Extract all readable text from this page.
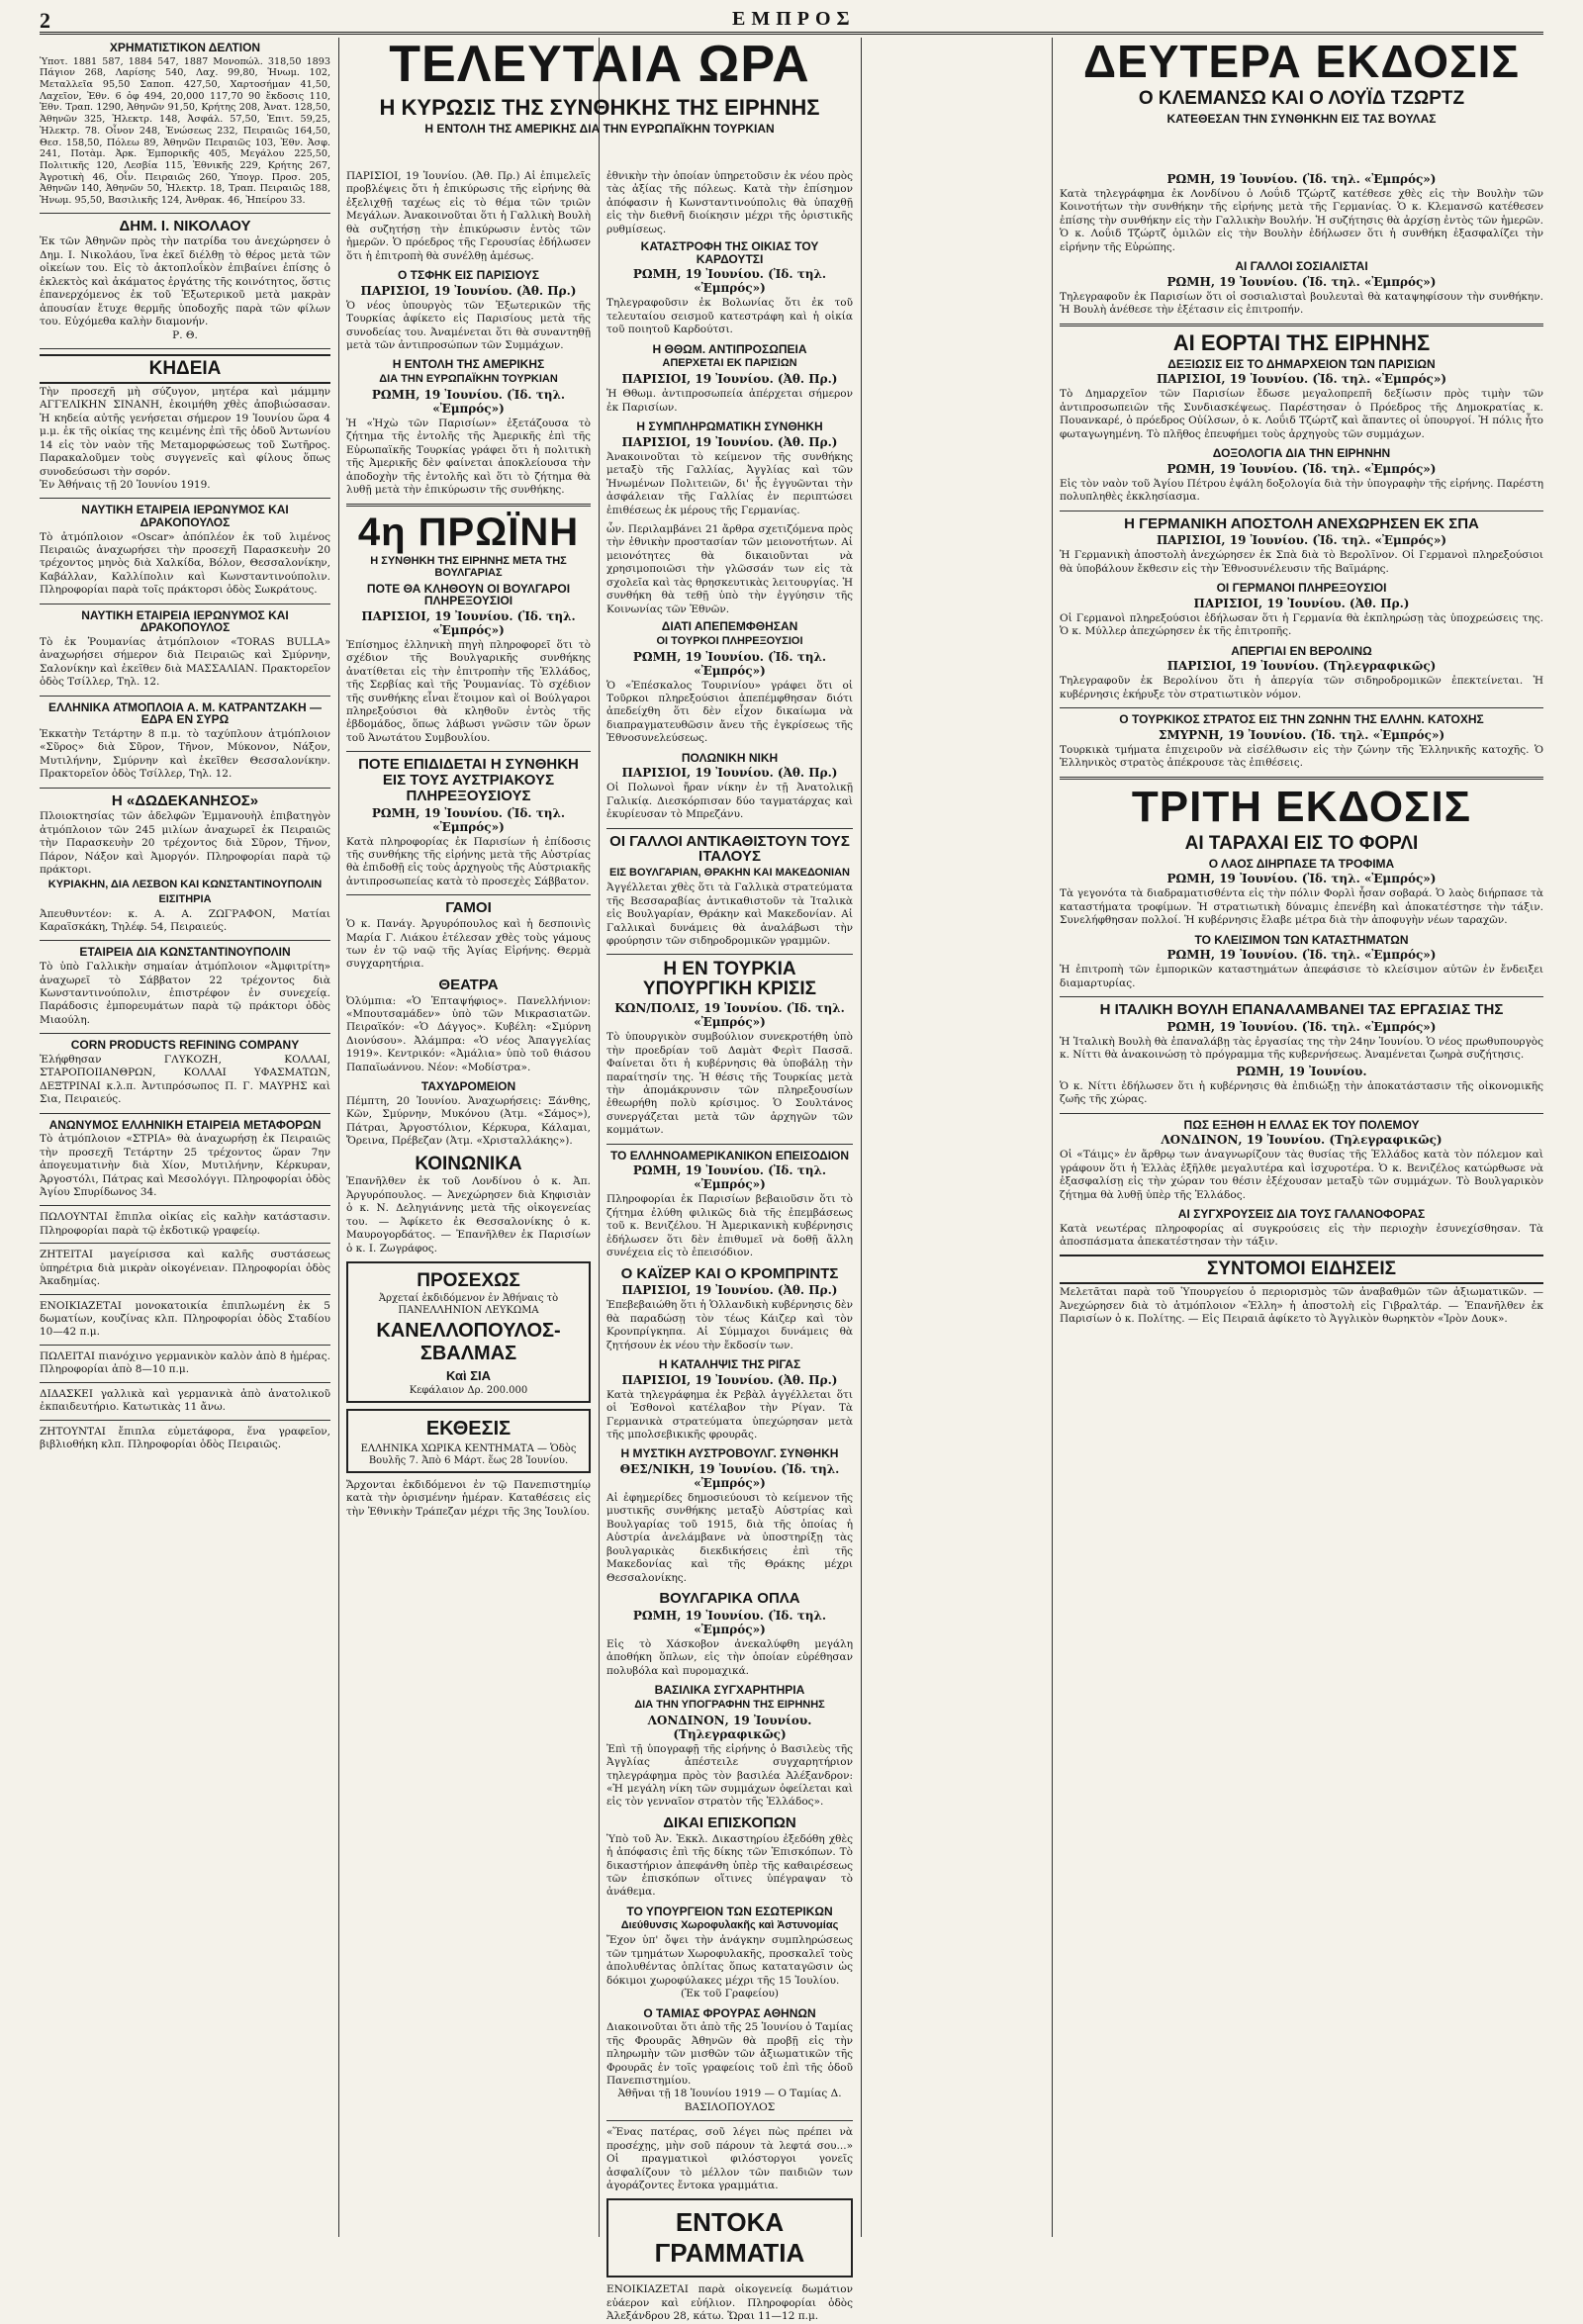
2	ΕΜΠΡΟΣ
ΧΡΗΜΑΤΙΣΤΙΚΟΝ ΔΕΛΤΙΟΝ

Ὑποτ. 1881 587, 1884 547, 1887 Μονοπώλ. 318,50 1893 Πάγιον 268, Λαρίσης 540, Λαχ. 99,80, Ἡνωμ. 102, Μεταλλεῖα 95,50 Σαποπ. 427,50, Χαρτοσήμαν 41,50, Λαχεῖον, Ἐθν. 6 ὀφ 494, 20,000 117,70 90 ἔκδοσις 110, Ἐθν. Τραπ. 1290, Ἀθηνῶν 91,50, Κρήτης 208, Ἀνατ. 128,50, Ἀθηνῶν 325, Ἠλεκτρ. 148, Ἀσφάλ. 57,50, Ἐπιτ. 59,25, Ἠλεκτρ. 78. Οἶνον 248, Ἑνώσεως 232, Πειραιῶς 164,50, Θεσ. 158,50, Πόλεω 89, Ἀθηνῶν Πειραιῶς 103, Ἐθν. Ἀσφ. 241, Ποτὰμ. Ἀρκ. Ἐμπορικῆς 405, Μεγάλου 225,50, Πολιτικῆς 120, Λεσβία 115, Ἐθνικῆς 229, Κρήτης 267, Ἀγροτικὴ 46, Οἶν. Πειραιῶς 260, Ὑπογρ. Προσ. 205, Ἀθηνῶν 140, Ἀθηνῶν 50, Ἠλεκτρ. 18, Τραπ. Πειραιῶς 188, Ἡνωμ. 95,50, Βασιλικῆς 124, Ἀνθρακ. 46, Ἠπείρου 33.

ΔΗΜ. Ι. ΝΙΚΟΛΑΟΥ

Ἐκ τῶν Ἀθηνῶν πρὸς τὴν πατρίδα του ἀνεχώρησεν ὁ Δημ. Ι. Νικολάου, ἵνα ἐκεῖ διέλθῃ τὸ θέρος μετὰ τῶν οἰκείων του. Εἰς τὸ ἀκτοπλοΐκὸν ἐπιβαίνει ἐπίσης ὁ ἐκλεκτὸς καὶ ἀκάματος ἐργάτης τῆς κοινότητος, ὅστις ἐπανερχόμενος ἐκ τοῦ Ἐξωτερικοῦ μετὰ μακρὰν ἀπουσίαν ἔτυχε θερμῆς ὑποδοχῆς παρὰ τῶν φίλων του. Εὐχόμεθα καλὴν διαμονήν.

Ρ. Θ.
ΚΗΔΕΙΑ

Τὴν προσεχῆ μὴ σύζυγον, μητέρα καὶ μάμμην ΑΓΓΕΛΙΚΗΝ ΣΙΝΑΝΗ, ἐκοιμήθη χθὲς ἀποβιώσασαν. Ἡ κηδεία αὐτῆς γενήσεται σήμερον 19 Ἰουνίου ὥρα 4 μ.μ. ἐκ τῆς οἰκίας της κειμένης ἐπὶ τῆς ὁδοῦ Ἀντωνίου 14 εἰς τὸν ναὸν τῆς Μεταμορφώσεως τοῦ Σωτῆρος. Παρακαλοῦμεν τοὺς συγγενεῖς καὶ φίλους ὅπως συνοδεύσωσι τὴν σορόν.

Ἐν Ἀθήναις τῇ 20 Ἰουνίου 1919.

ΝΑΥΤΙΚΗ ΕΤΑΙΡΕΙΑ ΙΕΡΩΝΥΜΟΣ ΚΑΙ ΔΡΑΚΟΠΟΥΛΟΣ

Τὸ ἀτμόπλοιον «Oscar» ἀπόπλέον ἐκ τοῦ λιμένος Πειραιῶς ἀναχωρήσει τὴν προσεχῆ Παρασκευὴν 20 τρέχοντος μηνὸς διὰ Χαλκίδα, Βόλον, Θεσσαλονίκην, Καβάλλαν, Καλλίπολιν καὶ Κωνσταντινούπολιν. Πληροφορίαι παρὰ τοῖς πράκτορσι ὁδὸς Σωκράτους.

ΝΑΥΤΙΚΗ ΕΤΑΙΡΕΙΑ ΙΕΡΩΝΥΜΟΣ ΚΑΙ ΔΡΑΚΟΠΟΥΛΟΣ

Τὸ ἐκ Ῥουμανίας ἀτμόπλοιον «TORAS BULLA» ἀναχωρήσει σήμερον διὰ Πειραιῶς καὶ Σμύρνην, Σαλονίκην καὶ ἐκεῖθεν διὰ ΜΑΣΣΑΛΙΑΝ. Πρακτορεῖον ὁδὸς Τσίλλερ, Τηλ. 12.

ΕΛΛΗΝΙΚΑ ΑΤΜΟΠΛΟΙΑ Α. Μ. ΚΑΤΡΑΝΤΖΑΚΗ — ΕΔΡΑ ΕΝ ΣΥΡΩ

Ἐκκατὴν Τετάρτην 8 π.μ. τὸ ταχύπλουν ἀτμόπλοιον «Σῦρος» διὰ Σῦρον, Τῆνον, Μύκονον, Νάξον, Μυτιλήνην, Σμύρνην καὶ ἐκεῖθεν Θεσσαλονίκην. Πρακτορεῖον ὁδὸς Τσίλλερ, Τηλ. 12.

Η «ΔΩΔΕΚΑΝΗΣΟΣ»

Πλοιοκτησίας τῶν ἀδελφῶν Ἐμμανουὴλ ἐπιβατηγὸν ἀτμόπλοιον τῶν 245 μιλίων ἀναχωρεῖ ἐκ Πειραιῶς τὴν Παρασκευὴν 20 τρέχοντος διὰ Σῦρον, Τῆνον, Πάρον, Νάξον καὶ Ἀμοργόν. Πληροφορίαι παρὰ τῷ πράκτορι.

ΚΥΡΙΑΚΗΝ, ΔΙΑ ΛΕΣΒΟΝ ΚΑΙ ΚΩΝΣΤΑΝΤΙΝΟΥΠΟΛΙΝ
ΕΙΣΙΤΗΡΙΑ

Ἀπευθυντέον: κ. Α. Α. ΖΩΓΡΑΦΟΝ, Ματίαι Καραϊσκάκη, Τηλέφ. 54, Πειραιεύς.

ΕΤΑΙΡΕΙΑ ΔΙΑ ΚΩΝΣΤΑΝΤΙΝΟΥΠΟΛΙΝ

Τὸ ὑπὸ Γαλλικὴν σημαίαν ἀτμόπλοιον «Ἀμφιτρίτη» ἀναχωρεῖ τὸ Σάββατον 22 τρέχοντος διὰ Κωνσταντινούπολιν, ἐπιστρέφον ἐν συνεχείᾳ. Παράδοσις ἐμπορευμάτων παρὰ τῷ πράκτορι ὁδὸς Μιαούλη.

CORN PRODUCTS REFINING COMPANY

Ἐλήφθησαν ΓΛΥΚΟΖΗ, ΚΟΛΛΑΙ, ΣΤΑΡΟΠΟΙΙΑΝΘΡΩΝ, ΚΟΛΛΑΙ ΥΦΑΣΜΑΤΩΝ, ΔΕΞΤΡΙΝΑΙ κ.λ.π. Ἀντιπρόσωπος Π. Γ. ΜΑΥΡΗΣ καὶ Σια, Πειραιεύς.

ΑΝΩΝΥΜΟΣ ΕΛΛΗΝΙΚΗ ΕΤΑΙΡΕΙΑ ΜΕΤΑΦΟΡΩΝ

Τὸ ἀτμόπλοιον «ΣΤΡΙΑ» θὰ ἀναχωρήσῃ ἐκ Πειραιῶς τὴν προσεχῆ Τετάρτην 25 τρέχοντος ὥραν 7ην ἀπογευματινὴν διὰ Χίον, Μυτιλήνην, Κέρκυραν, Ἀργοστόλι, Πάτρας καὶ Μεσολόγγι. Πληροφορίαι ὁδὸς Ἀγίου Σπυρίδωνος 34.

ΠΩΛΟΥΝΤΑΙ ἔπιπλα οἰκίας εἰς καλὴν κατάστασιν. Πληροφορίαι παρὰ τῷ ἐκδοτικῷ γραφείῳ.

ΖΗΤΕΙΤΑΙ μαγείρισσα καὶ καλῆς συστάσεως ὑπηρέτρια διὰ μικρὰν οἰκογένειαν. Πληροφορίαι ὁδὸς Ἀκαδημίας.

ΕΝΟΙΚΙΑΖΕΤΑΙ μονοκατοικία ἐπιπλωμένη ἐκ 5 δωματίων, κουζίνας κλπ. Πληροφορίαι ὁδὸς Σταδίου 10—42 π.μ.

ΠΩΛΕΙΤΑΙ πιανόχινο γερμανικὸν καλὸν ἀπὸ 8 ἡμέρας. Πληροφορίαι ἀπὸ 8—10 π.μ.

ΔΙΔΑΣΚΕΙ γαλλικὰ καὶ γερμανικὰ ἀπὸ ἀνατολικοῦ ἐκπαιδευτήριο. Κατωτικὰς 11 ἄνω.

ΖΗΤΟΥΝΤΑΙ ἔπιπλα εὐμετάφορα, ἕνα γραφεῖον, βιβλιοθήκη κλπ. Πληροφορίαι ὁδὸς Πειραιῶς.

ΤΕΛΕΥΤΑΙΑ ΩΡΑ
Η ΚΥΡΩΣΙΣ ΤΗΣ ΣΥΝΘΗΚΗΣ ΤΗΣ ΕΙΡΗΝΗΣ
Η ΕΝΤΟΛΗ ΤΗΣ ΑΜΕΡΙΚΗΣ ΔΙΑ ΤΗΝ ΕΥΡΩΠΑΪΚΗΝ ΤΟΥΡΚΙΑΝ
ΔΕΥΤΕΡΑ ΕΚΔΟΣΙΣ
Ο ΚΛΕΜΑΝΣΩ ΚΑΙ Ο ΛΟΥΪΔ ΤΖΩΡΤΖ
ΚΑΤΕΘΕΣΑΝ ΤΗΝ ΣΥΝΘΗΚΗΝ ΕΙΣ ΤΑΣ ΒΟΥΛΑΣ

ΠΑΡΙΣΙΟΙ, 19 Ἰουνίου. (Ἀθ. Πρ.) Αἱ ἐπιμελεῖς προβλέψεις ὅτι ἡ ἐπικύρωσις τῆς εἰρήνης θὰ ἐξελιχθῇ ταχέως εἰς τὸ θέμα τῶν τριῶν Μεγάλων. Ἀνακοινοῦται ὅτι ἡ Γαλλικὴ Βουλὴ θὰ συζητήσῃ τὴν ἐπικύρωσιν ἐντὸς τῶν ἡμερῶν. Ὁ πρόεδρος τῆς Γερουσίας ἐδήλωσεν ὅτι ἡ ἐπιτροπὴ θὰ συνέλθῃ ἀμέσως.

Ο ΤΣΦΗΚ ΕΙΣ ΠΑΡΙΣΙΟΥΣ
ΠΑΡΙΣΙΟΙ, 19 Ἰουνίου. (Ἀθ. Πρ.)

Ὁ νέος ὑπουργὸς τῶν Ἐξωτερικῶν τῆς Τουρκίας ἀφίκετο εἰς Παρισίους μετὰ τῆς συνοδείας του. Ἀναμένεται ὅτι θὰ συναντηθῇ μετὰ τῶν ἀντιπροσώπων τῶν Συμμάχων.

Η ΕΝΤΟΛΗ ΤΗΣ ΑΜΕΡΙΚΗΣ
ΔΙΑ ΤΗΝ ΕΥΡΩΠΑΪΚΗΝ ΤΟΥΡΚΙΑΝ
ΡΩΜΗ, 19 Ἰουνίου. (Ἰδ. τηλ. «Ἐμπρός»)

Ἡ «Ἠχὼ τῶν Παρισίων» ἐξετάζουσα τὸ ζήτημα τῆς ἐντολῆς τῆς Ἀμερικῆς ἐπὶ τῆς Εὐρωπαϊκῆς Τουρκίας γράφει ὅτι ἡ πολιτικὴ τῆς Ἀμερικῆς δὲν φαίνεται ἀποκλείουσα τὴν ἀποδοχὴν τῆς ἐντολῆς καὶ ὅτι τὸ ζήτημα θὰ λυθῇ μετὰ τὴν ἐπικύρωσιν τῆς συνθήκης.

4η ΠΡΩΪΝΗ
Η ΣΥΝΘΗΚΗ ΤΗΣ ΕΙΡΗΝΗΣ ΜΕΤΑ ΤΗΣ ΒΟΥΛΓΑΡΙΑΣ
ΠΟΤΕ ΘΑ ΚΛΗΘΟΥΝ ΟΙ ΒΟΥΛΓΑΡΟΙ ΠΛΗΡΕΞΟΥΣΙΟΙ
ΠΑΡΙΣΙΟΙ, 19 Ἰουνίου. (Ἰδ. τηλ. «Ἐμπρός»)

Ἐπίσημος ἑλληνικὴ πηγὴ πληροφορεῖ ὅτι τὸ σχέδιον τῆς Βουλγαρικῆς συνθήκης ἀνατίθεται εἰς τὴν ἐπιτροπὴν τῆς Ἑλλάδος, τῆς Σερβίας καὶ τῆς Ῥουμανίας. Τὸ σχέδιον τῆς συνθήκης εἶναι ἕτοιμον καὶ οἱ Βούλγαροι πληρεξούσιοι θὰ κληθοῦν ἐντὸς τῆς ἑβδομάδος, ὅπως λάβωσι γνῶσιν τῶν ὅρων τοῦ Ἀνωτάτου Συμβουλίου.

ΠΟΤΕ ΕΠΙΔΙΔΕΤΑΙ Η ΣΥΝΘΗΚΗ ΕΙΣ ΤΟΥΣ ΑΥΣΤΡΙΑΚΟΥΣ ΠΛΗΡΕΞΟΥΣΙΟΥΣ
ΡΩΜΗ, 19 Ἰουνίου. (Ἰδ. τηλ. «Ἐμπρός»)

Κατὰ πληροφορίας ἐκ Παρισίων ἡ ἐπίδοσις τῆς συνθήκης τῆς εἰρήνης μετὰ τῆς Αὐστρίας θὰ ἐπιδοθῇ εἰς τοὺς ἀρχηγοὺς τῆς Αὐστριακῆς ἀντιπροσωπείας κατὰ τὸ προσεχὲς Σάββατον.

ΓΑΜΟΙ

Ὁ κ. Πανάγ. Ἀργυρόπουλος καὶ ἡ δεσποινὶς Μαρία Γ. Λιάκου ἐτέλεσαν χθὲς τοὺς γάμους των ἐν τῷ ναῷ τῆς Ἁγίας Εἰρήνης. Θερμὰ συγχαρητήρια.

ΘΕΑΤΡΑ

Ὀλύμπια: «Ὁ Ἑπταψήφιος». Πανελλήνιον: «Μπουτσαμάδεν» ὑπὸ τῶν Μικρασιατῶν. Πειραϊκόν: «Ὁ Δάγγος». Κυβέλη: «Σμύρνη Διονύσου». Ἀλάμπρα: «Ὁ νέος Ἀπαγγελίας 1919». Κεντρικόν: «Ἀμάλια» ὑπὸ τοῦ θιάσου Παπαϊωάννου. Νέον: «Μοδίστρα».

ΤΑΧΥΔΡΟΜΕΙΟΝ

Πέμπτη, 20 Ἰουνίου. Ἀναχωρήσεις: Ξάνθης, Κῶν, Σμύρνην, Μυκόνου (Ἀτμ. «Σάμος»), Πάτραι, Ἀργοστόλιον, Κέρκυρα, Κάλαμαι, Ὄρεινα, Πρέβεζαν (Ἀτμ. «Χρισταλλάκης»).

ΚΟΙΝΩΝΙΚΑ

Ἐπανῆλθεν ἐκ τοῦ Λονδίνου ὁ κ. Ἀπ. Ἀργυρόπουλος. — Ἀνεχώρησεν διὰ Κηφισιὰν ὁ κ. Ν. Δεληγιάννης μετὰ τῆς οἰκογενείας του. — Ἀφίκετο ἐκ Θεσσαλονίκης ὁ κ. Μαυρογορδάτος. — Ἐπανῆλθεν ἐκ Παρισίων ὁ κ. Ι. Ζωγράφος.

ΠΡΟΣΕΧΩΣ
Ἀρχεταί ἐκδιδόμενον ἐν Ἀθήναις τὸ ΠΑΝΕΛΛΗΝΙΟΝ ΛΕΥΚΩΜΑ
ΚΑΝΕΛΛΟΠΟΥΛΟΣ-ΣΒΑΛΜΑΣ
Καὶ ΣΙΑ
Κεφάλαιον Δρ. 200.000
ΕΚΘΕΣΙΣ
ΕΛΛΗΝΙΚΑ ΧΩΡΙΚΑ ΚΕΝΤΗΜΑΤΑ — Ὁδὸς Βουλῆς 7. Ἀπὸ 6 Μάρτ. ἕως 28 Ἰουνίου.

Ἄρχονται ἐκδιδόμενοι ἐν τῷ Πανεπιστημίῳ κατὰ τὴν ὁρισμένην ἡμέραν. Καταθέσεις εἰς τὴν Ἐθνικὴν Τράπεζαν μέχρι τῆς 3ης Ἰουλίου.

ἐθνικὴν τὴν ὁποίαν ὑπηρετοῦσιν ἐκ νέου πρὸς τὰς ἀξίας τῆς πόλεως. Κατὰ τὴν ἐπίσημον ἀπόφασιν ἡ Κωνσταντινούπολις θὰ ὑπαχθῇ εἰς τὴν διεθνῆ διοίκησιν μέχρι τῆς ὁριστικῆς ρυθμίσεως.

ΚΑΤΑΣΤΡΟΦΗ ΤΗΣ ΟΙΚΙΑΣ ΤΟΥ ΚΑΡΔΟΥΤΣΙ
ΡΩΜΗ, 19 Ἰουνίου. (Ἰδ. τηλ. «Ἐμπρός»)

Τηλεγραφοῦσιν ἐκ Βολωνίας ὅτι ἐκ τοῦ τελευταίου σεισμοῦ κατεστράφη καὶ ἡ οἰκία τοῦ ποιητοῦ Καρδούτσι.

Η ΘΘΩΜ. ΑΝΤΙΠΡΟΣΩΠΕΙΑ
ΑΠΕΡΧΕΤΑΙ ΕΚ ΠΑΡΙΣΙΩΝ
ΠΑΡΙΣΙΟΙ, 19 Ἰουνίου. (Ἀθ. Πρ.)

Ἡ Θθωμ. ἀντιπροσωπεία ἀπέρχεται σήμερον ἐκ Παρισίων.

Η ΣΥΜΠΛΗΡΩΜΑΤΙΚΗ ΣΥΝΘΗΚΗ
ΠΑΡΙΣΙΟΙ, 19 Ἰουνίου. (Ἀθ. Πρ.)

Ἀνακοινοῦται τὸ κείμενον τῆς συνθήκης μεταξὺ τῆς Γαλλίας, Ἀγγλίας καὶ τῶν Ἡνωμένων Πολιτειῶν, δι' ἧς ἐγγυῶνται τὴν ἀσφάλειαν τῆς Γαλλίας ἐν περιπτώσει ἐπιθέσεως ἐκ μέρους τῆς Γερμανίας.

ὧν. Περιλαμβάνει 21 ἄρθρα σχετιζόμενα πρὸς τὴν ἐθνικὴν προστασίαν τῶν μειονοτήτων. Αἱ μειονότητες θὰ δικαιοῦνται νὰ χρησιμοποιῶσι τὴν γλῶσσάν των εἰς τὰ σχολεῖα καὶ τὰς θρησκευτικὰς λειτουργίας. Ἡ συνθήκη θὰ τεθῇ ὑπὸ τὴν ἐγγύησιν τῆς Κοινωνίας τῶν Ἐθνῶν.

ΔΙΑΤΙ ΑΠΕΠΕΜΦΘΗΣΑΝ
ΟΙ ΤΟΥΡΚΟΙ ΠΛΗΡΕΞΟΥΣΙΟΙ
ΡΩΜΗ, 19 Ἰουνίου. (Ἰδ. τηλ. «Ἐμπρός»)

Ὁ «Ἐπέσκαλος Τουρινίου» γράφει ὅτι οἱ Τοῦρκοι πληρεξούσιοι ἀπεπέμφθησαν διότι ἀπεδείχθη ὅτι δὲν εἶχον δικαίωμα νὰ διαπραγματευθῶσιν ἄνευ τῆς ἐγκρίσεως τῆς Ἐθνοσυνελεύσεως.

ΠΟΛΩΝΙΚΗ ΝΙΚΗ
ΠΑΡΙΣΙΟΙ, 19 Ἰουνίου. (Ἀθ. Πρ.)

Οἱ Πολωνοὶ ἤραν νίκην ἐν τῇ Ἀνατολικῇ Γαλικίᾳ. Διεσκόρπισαν δύο ταγματάρχας καὶ ἐκυρίευσαν τὸ Μπρεζάνυ.

ΟΙ ΓΑΛΛΟΙ ΑΝΤΙΚΑΘΙΣΤΟΥΝ ΤΟΥΣ ΙΤΑΛΟΥΣ
ΕΙΣ ΒΟΥΛΓΑΡΙΑΝ, ΘΡΑΚΗΝ ΚΑΙ ΜΑΚΕΔΟΝΙΑΝ

Ἀγγέλλεται χθὲς ὅτι τὰ Γαλλικὰ στρατεύματα τῆς Βεσσαραβίας ἀντικαθιστοῦν τὰ Ἰταλικὰ εἰς Βουλγαρίαν, Θράκην καὶ Μακεδονίαν. Αἱ Γαλλικαὶ δυνάμεις θὰ ἀναλάβωσι τὴν φρούρησιν τῶν σιδηροδρομικῶν γραμμῶν.

Η ΕΝ ΤΟΥΡΚΙΑ ΥΠΟΥΡΓΙΚΗ ΚΡΙΣΙΣ
ΚΩΝ/ΠΟΛΙΣ, 19 Ἰουνίου. (Ἰδ. τηλ. «Ἐμπρός»)

Τὸ ὑπουργικὸν συμβούλιον συνεκροτήθη ὑπὸ τὴν προεδρίαν τοῦ Δαμὰτ Φερὶτ Πασσᾶ. Φαίνεται ὅτι ἡ κυβέρνησις θὰ ὑποβάλῃ τὴν παραίτησίν της. Ἡ θέσις τῆς Τουρκίας μετὰ τὴν ἀπομάκρυνσιν τῶν πληρεξουσίων ἐθεωρήθη πολὺ κρίσιμος. Ὁ Σουλτάνος συνεργάζεται μετὰ τῶν ἀρχηγῶν τῶν κομμάτων.

ΤΟ ΕΛΛΗΝΟΑΜΕΡΙΚΑΝΙΚΟΝ ΕΠΕΙΣΟΔΙΟΝ
ΡΩΜΗ, 19 Ἰουνίου. (Ἰδ. τηλ. «Ἐμπρός»)

Πληροφορίαι ἐκ Παρισίων βεβαιοῦσιν ὅτι τὸ ζήτημα ἐλύθη φιλικῶς διὰ τῆς ἐπεμβάσεως τοῦ κ. Βενιζέλου. Ἡ Ἀμερικανικὴ κυβέρνησις ἐδήλωσεν ὅτι δὲν ἐπιθυμεῖ νὰ δοθῇ ἄλλη συνέχεια εἰς τὸ ἐπεισόδιον.

Ο ΚΑΪΖΕΡ ΚΑΙ Ο ΚΡΟΜΠΡΙΝΤΣ
ΠΑΡΙΣΙΟΙ, 19 Ἰουνίου. (Ἀθ. Πρ.)

Ἐπεβεβαιώθη ὅτι ἡ Ὁλλανδικὴ κυβέρνησις δὲν θὰ παραδώσῃ τὸν τέως Κάιζερ καὶ τὸν Κρονπρίγκηπα. Αἱ Σύμμαχοι δυνάμεις θὰ ζητήσουν ἐκ νέου τὴν ἔκδοσίν των.

Η ΚΑΤΑΛΗΨΙΣ ΤΗΣ ΡΙΓΑΣ
ΠΑΡΙΣΙΟΙ, 19 Ἰουνίου. (Ἀθ. Πρ.)

Κατὰ τηλεγράφημα ἐκ Ρεβὰλ ἀγγέλλεται ὅτι οἱ Ἐσθονοὶ κατέλαβον τὴν Ρίγαν. Τὰ Γερμανικὰ στρατεύματα ὑπεχώρησαν μετὰ τῆς μπολσεβικικῆς φρουρᾶς.

Η ΜΥΣΤΙΚΗ ΑΥΣΤΡΟΒΟΥΛΓ. ΣΥΝΘΗΚΗ
ΘΕΣ/ΝΙΚΗ, 19 Ἰουνίου. (Ἰδ. τηλ. «Ἐμπρός»)

Αἱ ἐφημερίδες δημοσιεύουσι τὸ κείμενον τῆς μυστικῆς συνθήκης μεταξὺ Αὐστρίας καὶ Βουλγαρίας τοῦ 1915, διὰ τῆς ὁποίας ἡ Αὐστρία ἀνελάμβανε νὰ ὑποστηρίξῃ τὰς βουλγαρικὰς διεκδικήσεις ἐπὶ τῆς Μακεδονίας καὶ τῆς Θράκης μέχρι Θεσσαλονίκης.

ΒΟΥΛΓΑΡΙΚΑ ΟΠΛΑ
ΡΩΜΗ, 19 Ἰουνίου. (Ἰδ. τηλ. «Ἐμπρός»)

Εἰς τὸ Χάσκοβον ἀνεκαλύφθη μεγάλη ἀποθήκη ὅπλων, εἰς τὴν ὁποίαν εὑρέθησαν πολυβόλα καὶ πυρομαχικά.

ΒΑΣΙΛΙΚΑ ΣΥΓΧΑΡΗΤΗΡΙΑ
ΔΙΑ ΤΗΝ ΥΠΟΓΡΑΦΗΝ ΤΗΣ ΕΙΡΗΝΗΣ
ΛΟΝΔΙΝΟΝ, 19 Ἰουνίου. (Τηλεγραφικῶς)

Ἐπὶ τῇ ὑπογραφῇ τῆς εἰρήνης ὁ Βασιλεὺς τῆς Ἀγγλίας ἀπέστειλε συγχαρητήριον τηλεγράφημα πρὸς τὸν βασιλέα Ἀλέξανδρον: «Ἡ μεγάλη νίκη τῶν συμμάχων ὀφείλεται καὶ εἰς τὸν γενναῖον στρατὸν τῆς Ἑλλάδος».

ΔΙΚΑΙ ΕΠΙΣΚΟΠΩΝ

Ὑπὸ τοῦ Ἀν. Ἐκκλ. Δικαστηρίου ἐξεδόθη χθὲς ἡ ἀπόφασις ἐπὶ τῆς δίκης τῶν Ἐπισκόπων. Τὸ δικαστήριον ἀπεφάνθη ὑπὲρ τῆς καθαιρέσεως τῶν ἐπισκόπων οἵτινες ὑπέγραψαν τὸ ἀνάθεμα.

ΤΟ ΥΠΟΥΡΓΕΙΟΝ ΤΩΝ ΕΣΩΤΕΡΙΚΩΝ
Διεύθυνσις Χωροφυλακῆς καὶ Ἀστυνομίας

Ἔχον ὑπ' ὄψει τὴν ἀνάγκην συμπληρώσεως τῶν τμημάτων Χωροφυλακῆς, προσκαλεῖ τοὺς ἀπολυθέντας ὁπλίτας ὅπως καταταγῶσιν ὡς δόκιμοι χωροφύλακες μέχρι τῆς 15 Ἰουλίου.

(Ἐκ τοῦ Γραφείου)
Ο ΤΑΜΙΑΣ ΦΡΟΥΡΑΣ ΑΘΗΝΩΝ

Διακοινοῦται ὅτι ἀπὸ τῆς 25 Ἰουνίου ὁ Ταμίας τῆς Φρουρᾶς Ἀθηνῶν θὰ προβῇ εἰς τὴν πληρωμὴν τῶν μισθῶν τῶν ἀξιωματικῶν τῆς Φρουρᾶς ἐν τοῖς γραφείοις τοῦ ἐπὶ τῆς ὁδοῦ Πανεπιστημίου.

Ἀθῆναι τῇ 18 Ἰουνίου 1919 — Ο Ταμίας Δ. ΒΑΣΙΛΟΠΟΥΛΟΣ

«Ἕνας πατέρας, σοῦ λέγει πὼς πρέπει νὰ προσέχῃς, μὴν σοῦ πάρουν τὰ λεφτά σου...» Οἱ πραγματικοὶ φιλόστοργοι γονεῖς ἀσφαλίζουν τὸ μέλλον τῶν παιδιῶν των ἀγοράζοντες ἔντοκα γραμμάτια.

ΕΝΤΟΚΑ ΓΡΑΜΜΑΤΙΑ

ΕΝΟΙΚΙΑΖΕΤΑΙ παρὰ οἰκογενείᾳ δωμάτιον εὐάερον καὶ εὐήλιον. Πληροφορίαι ὁδὸς Ἀλεξάνδρου 28, κάτω. Ὥραι 11—12 π.μ.

ΡΩΜΗ, 19 Ἰουνίου. (Ἰδ. τηλ. «Ἐμπρός»)

Κατὰ τηλεγράφημα ἐκ Λονδίνου ὁ Λοΰιδ Τζώρτζ κατέθεσε χθὲς εἰς τὴν Βουλὴν τῶν Κοινοτήτων τὴν συνθήκην τῆς εἰρήνης μετὰ τῆς Γερμανίας. Ὁ κ. Κλεμανσῶ κατέθεσεν ἐπίσης τὴν συνθήκην εἰς τὴν Γαλλικὴν Βουλήν. Ἡ συζήτησις θὰ ἀρχίσῃ ἐντὸς τῶν ἡμερῶν. Ὁ κ. Λοΰιδ Τζώρτζ ὁμιλῶν εἰς τὴν Βουλὴν ἐδήλωσεν ὅτι ἡ συνθήκη ἐξασφαλίζει τὴν εἰρήνην τῆς Εὐρώπης.

ΑΙ ΓΑΛΛΟΙ ΣΟΣΙΑΛΙΣΤΑΙ
ΡΩΜΗ, 19 Ἰουνίου. (Ἰδ. τηλ. «Ἐμπρός»)

Τηλεγραφοῦν ἐκ Παρισίων ὅτι οἱ σοσιαλισταὶ βουλευταὶ θὰ καταψηφίσουν τὴν συνθήκην. Ἡ Βουλὴ ἀνέθεσε τὴν ἐξέτασιν εἰς ἐπιτροπήν.

ΑΙ ΕΟΡΤΑΙ ΤΗΣ ΕΙΡΗΝΗΣ
ΔΕΞΙΩΣΙΣ ΕΙΣ ΤΟ ΔΗΜΑΡΧΕΙΟΝ ΤΩΝ ΠΑΡΙΣΙΩΝ
ΠΑΡΙΣΙΟΙ, 19 Ἰουνίου. (Ἰδ. τηλ. «Ἐμπρός»)

Τὸ Δημαρχεῖον τῶν Παρισίων ἔδωσε μεγαλοπρεπῆ δεξίωσιν πρὸς τιμὴν τῶν ἀντιπροσωπειῶν τῆς Συνδιασκέψεως. Παρέστησαν ὁ Πρόεδρος τῆς Δημοκρατίας κ. Πουανκαρέ, ὁ πρόεδρος Οὐίλσων, ὁ κ. Λοΰιδ Τζώρτζ καὶ ἅπαντες οἱ ὑπουργοί. Ἡ πόλις ἦτο φωταγωγημένη. Τὸ πλῆθος ἐπευφήμει τοὺς ἀρχηγοὺς τῶν συμμάχων.

ΔΟΞΟΛΟΓΙΑ ΔΙΑ ΤΗΝ ΕΙΡΗΝΗΝ
ΡΩΜΗ, 19 Ἰουνίου. (Ἰδ. τηλ. «Ἐμπρός»)

Εἰς τὸν ναὸν τοῦ Ἁγίου Πέτρου ἐψάλη δοξολογία διὰ τὴν ὑπογραφὴν τῆς εἰρήνης. Παρέστη πολυπληθὲς ἐκκλησίασμα.

Η ΓΕΡΜΑΝΙΚΗ ΑΠΟΣΤΟΛΗ ΑΝΕΧΩΡΗΣΕΝ ΕΚ ΣΠΑ
ΠΑΡΙΣΙΟΙ, 19 Ἰουνίου. (Ἰδ. τηλ. «Ἐμπρός»)

Ἡ Γερμανικὴ ἀποστολὴ ἀνεχώρησεν ἐκ Σπὰ διὰ τὸ Βερολῖνον. Οἱ Γερμανοὶ πληρεξούσιοι θὰ ὑποβάλουν ἔκθεσιν εἰς τὴν Ἐθνοσυνέλευσιν τῆς Βαϊμάρης.

ΟΙ ΓΕΡΜΑΝΟΙ ΠΛΗΡΕΞΟΥΣΙΟΙ
ΠΑΡΙΣΙΟΙ, 19 Ἰουνίου. (Ἀθ. Πρ.)

Οἱ Γερμανοὶ πληρεξούσιοι ἐδήλωσαν ὅτι ἡ Γερμανία θὰ ἐκπληρώσῃ τὰς ὑποχρεώσεις της. Ὁ κ. Μύλλερ ἀπεχώρησεν ἐκ τῆς ἐπιτροπῆς.

ΑΠΕΡΓΙΑΙ ΕΝ ΒΕΡΟΛΙΝΩ
ΠΑΡΙΣΙΟΙ, 19 Ἰουνίου. (Τηλεγραφικῶς)

Τηλεγραφοῦν ἐκ Βερολίνου ὅτι ἡ ἀπεργία τῶν σιδηροδρομικῶν ἐπεκτείνεται. Ἡ κυβέρνησις ἐκήρυξε τὸν στρατιωτικὸν νόμον.

Ο ΤΟΥΡΚΙΚΟΣ ΣΤΡΑΤΟΣ ΕΙΣ ΤΗΝ ΖΩΝΗΝ ΤΗΣ ΕΛΛΗΝ. ΚΑΤΟΧΗΣ
ΣΜΥΡΝΗ, 19 Ἰουνίου. (Ἰδ. τηλ. «Ἐμπρός»)

Τουρκικὰ τμήματα ἐπιχειροῦν νὰ εἰσέλθωσιν εἰς τὴν ζώνην τῆς Ἑλληνικῆς κατοχῆς. Ὁ Ἑλληνικὸς στρατὸς ἀπέκρουσε τὰς ἐπιθέσεις.

ΤΡΙΤΗ ΕΚΔΟΣΙΣ
ΑΙ ΤΑΡΑΧΑΙ ΕΙΣ ΤΟ ΦΟΡΛΙ
Ο ΛΑΟΣ ΔΙΗΡΠΑΣΕ ΤΑ ΤΡΟΦΙΜΑ
ΡΩΜΗ, 19 Ἰουνίου. (Ἰδ. τηλ. «Ἐμπρός»)

Τὰ γεγονότα τὰ διαδραματισθέντα εἰς τὴν πόλιν Φορλὶ ἦσαν σοβαρά. Ὁ λαὸς διήρπασε τὰ καταστήματα τροφίμων. Ἡ στρατιωτικὴ δύναμις ἐπενέβη καὶ ἀποκατέστησε τὴν τάξιν. Συνελήφθησαν πολλοί. Ἡ κυβέρνησις ἔλαβε μέτρα διὰ τὴν ἀποφυγὴν νέων ταραχῶν.

ΤΟ ΚΛΕΙΣΙΜΟΝ ΤΩΝ ΚΑΤΑΣΤΗΜΑΤΩΝ
ΡΩΜΗ, 19 Ἰουνίου. (Ἰδ. τηλ. «Ἐμπρός»)

Ἡ ἐπιτροπὴ τῶν ἐμπορικῶν καταστημάτων ἀπεφάσισε τὸ κλείσιμον αὐτῶν ἐν ἔνδειξει διαμαρτυρίας.

Η ΙΤΑΛΙΚΗ ΒΟΥΛΗ ΕΠΑΝΑΛΑΜΒΑΝΕΙ ΤΑΣ ΕΡΓΑΣΙΑΣ ΤΗΣ
ΡΩΜΗ, 19 Ἰουνίου. (Ἰδ. τηλ. «Ἐμπρός»)

Ἡ Ἰταλικὴ Βουλὴ θὰ ἐπαναλάβῃ τὰς ἐργασίας της τὴν 24ην Ἰουνίου. Ὁ νέος πρωθυπουργὸς κ. Νίττι θὰ ἀνακοινώσῃ τὸ πρόγραμμα τῆς κυβερνήσεως. Ἀναμένεται ζωηρὰ συζήτησις.

ΡΩΜΗ, 19 Ἰουνίου.

Ὁ κ. Νίττι ἐδήλωσεν ὅτι ἡ κυβέρνησις θὰ ἐπιδιώξῃ τὴν ἀποκατάστασιν τῆς οἰκονομικῆς ζωῆς τῆς χώρας.

ΠΩΣ ΕΞΗΘΗ Η ΕΛΛΑΣ ΕΚ ΤΟΥ ΠΟΛΕΜΟΥ
ΛΟΝΔΙΝΟΝ, 19 Ἰουνίου. (Τηλεγραφικῶς)

Οἱ «Τάιμς» ἐν ἄρθρῳ των ἀναγνωρίζουν τὰς θυσίας τῆς Ἑλλάδος κατὰ τὸν πόλεμον καὶ γράφουν ὅτι ἡ Ἑλλὰς ἐξῆλθε μεγαλυτέρα καὶ ἰσχυροτέρα. Ὁ κ. Βενιζέλος κατώρθωσε νὰ ἐξασφαλίσῃ εἰς τὴν χώραν του θέσιν ἐξέχουσαν μεταξὺ τῶν συμμάχων. Τὸ Βουλγαρικὸν ζήτημα θὰ λυθῇ ὑπὲρ τῆς Ἑλλάδος.

ΑΙ ΣΥΓΧΡΟΥΣΕΙΣ ΔΙΑ ΤΟΥΣ ΓΑΛΑΝΟΦΟΡΑΣ

Κατὰ νεωτέρας πληροφορίας αἱ συγκρούσεις εἰς τὴν περιοχὴν ἐσυνεχίσθησαν. Τὰ ἀποσπάσματα ἀπεκατέστησαν τὴν τάξιν.

ΣΥΝΤΟΜΟΙ ΕΙΔΗΣΕΙΣ

Μελετᾶται παρὰ τοῦ Ὑπουργείου ὁ περιορισμὸς τῶν ἀναβαθμῶν τῶν ἀξιωματικῶν. — Ἀνεχώρησεν διὰ τὸ ἀτμόπλοιον «Ἐλλη» ἡ ἀποστολὴ εἰς Γιβραλτάρ. — Ἐπανῆλθεν ἐκ Παρισίων ὁ κ. Πολίτης. — Εἰς Πειραιᾶ ἀφίκετο τὸ Ἀγγλικὸν θωρηκτὸν «Ἰρὸν Δουκ».
